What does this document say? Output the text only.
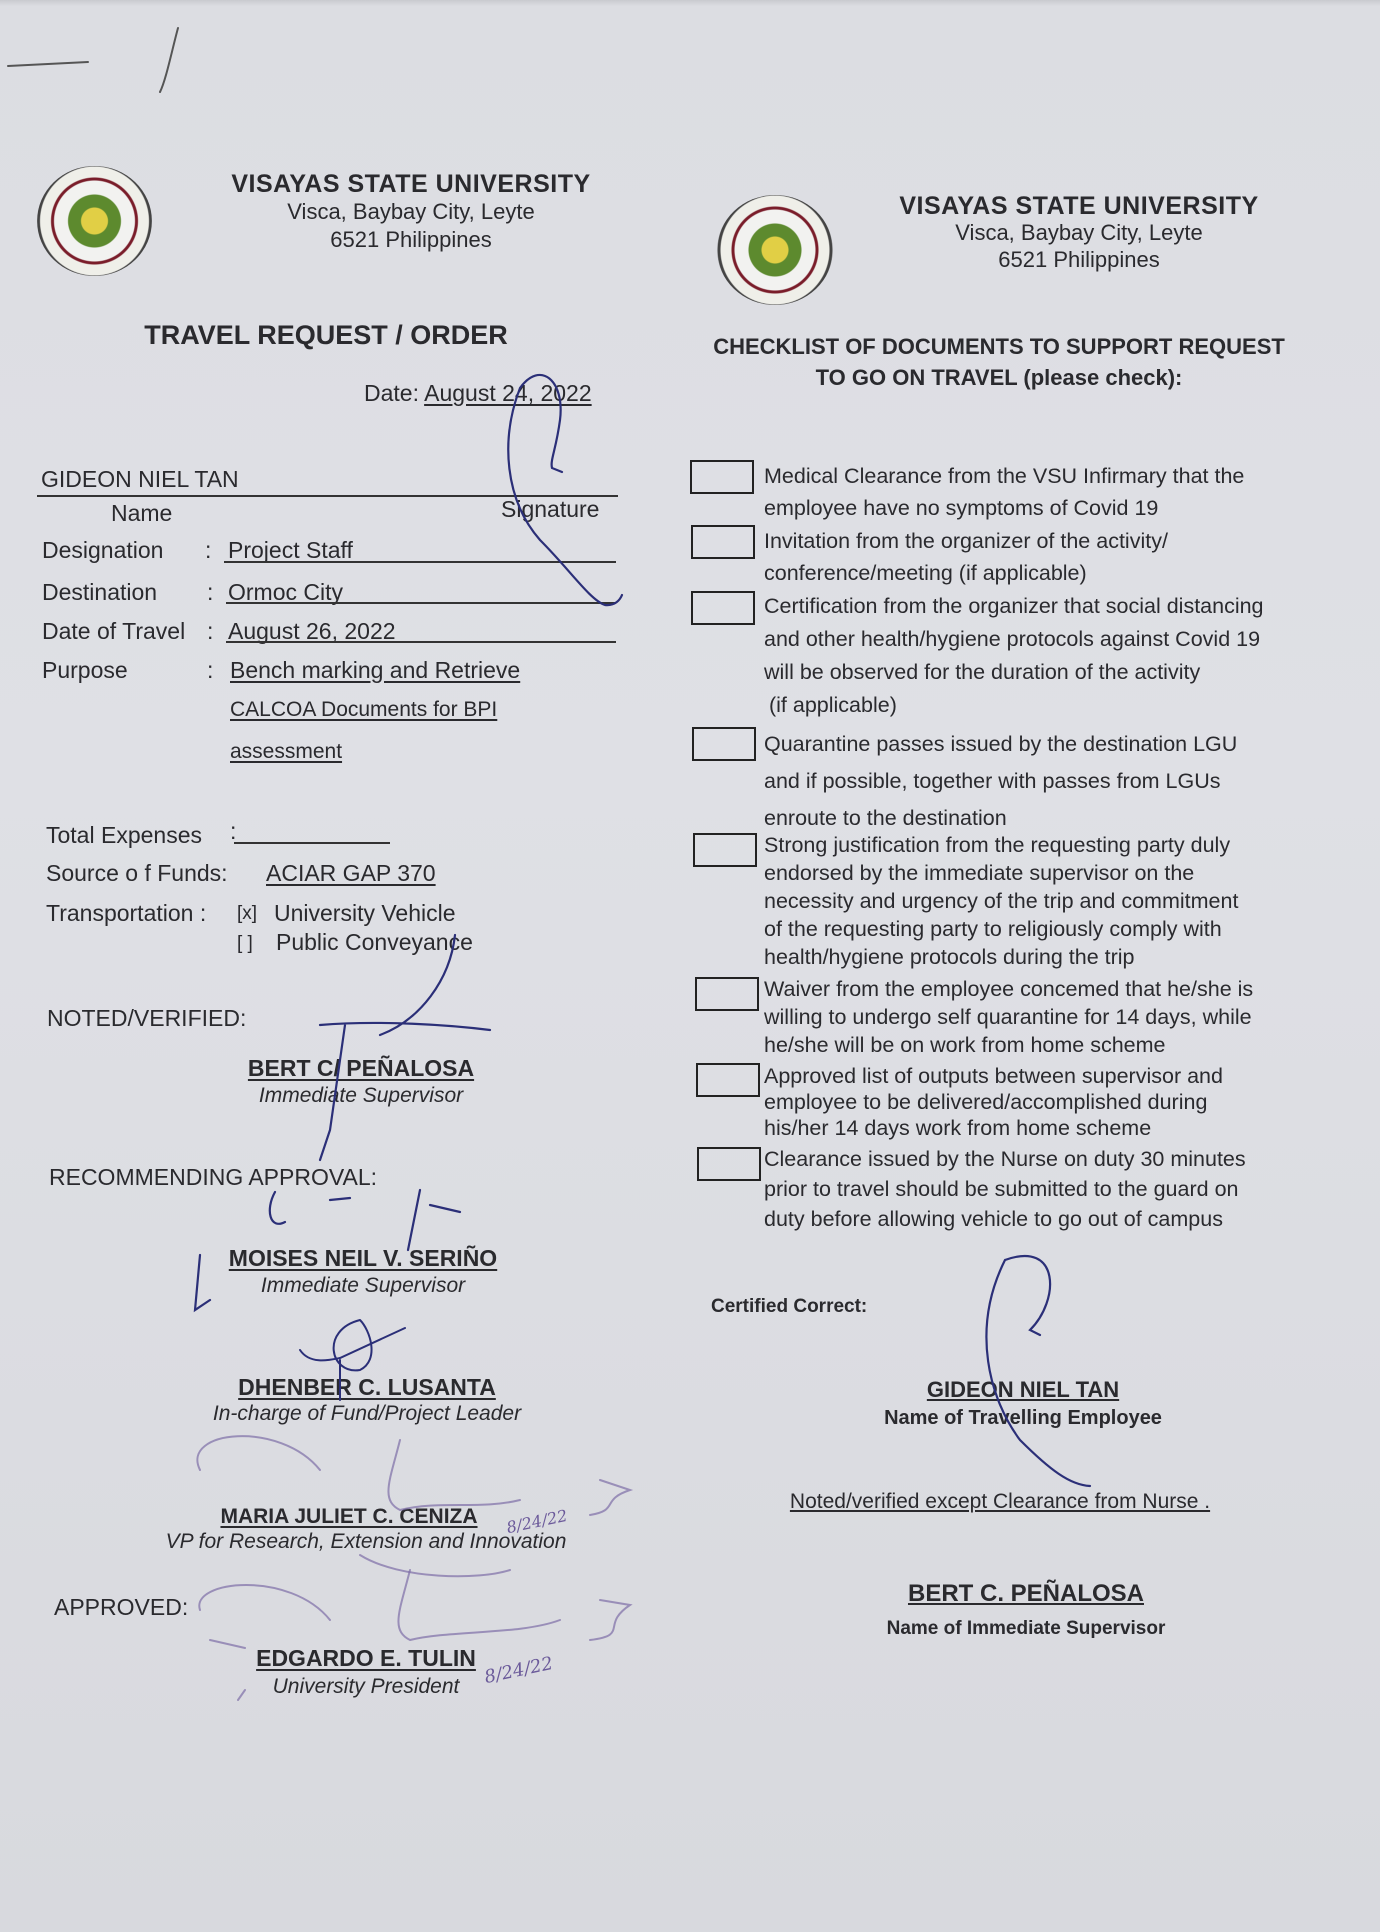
VISAYAS STATE UNIVERSITY
Visca, Baybay City, Leyte
6521 Philippines
VISAYAS STATE UNIVERSITY
Visca, Baybay City, Leyte
6521 Philippines
TRAVEL REQUEST / ORDER
Date: August 24, 2022
GIDEON NIEL TAN
Name	Signature
Designation : Project Staff
Destination : Ormoc City
Date of Travel : August 26, 2022
Purpose	: Bench marking and Retrieve
CALCOA Documents for BPI
assessment
Total Expenses :
Source o f Funds: ACIAR GAP 370
Transportation : [x] University Vehicle
[ ] Public Conveyance
NOTED/VERIFIED:
BERT C/ PEÑALOSA
Immediate Supervisor
RECOMMENDING APPROVAL:
MOISES NEIL V. SERIÑO
Immediate Supervisor
DHENBER C. LUSANTA
In-charge of Fund/Project Leader
MARIA JULIET C. CENIZA
VP for Research, Extension and Innovation
APPROVED:
EDGARDO E. TULIN
University President
8/24/22
8/24/22
CHECKLIST OF DOCUMENTS TO SUPPORT REQUEST
TO GO ON TRAVEL (please check):
Medical Clearance from the VSU Infirmary that the
employee have no symptoms of Covid 19
Invitation from the organizer of the activity/
conference/meeting (if applicable)
Certification from the organizer that social distancing
and other health/hygiene protocols against Covid 19
will be observed for the duration of the activity
(if applicable)
Quarantine passes issued by the destination LGU
and if possible, together with passes from LGUs
enroute to the destination
Strong justification from the requesting party duly
endorsed by the immediate supervisor on the
necessity and urgency of the trip and commitment
of the requesting party to religiously comply with
health/hygiene protocols during the trip
Waiver from the employee concemed that he/she is
willing to undergo self quarantine for 14 days, while
he/she will be on work from home scheme
Approved list of outputs between supervisor and
employee to be delivered/accomplished during
his/her 14 days work from home scheme
Clearance issued by the Nurse on duty 30 minutes
prior to travel should be submitted to the guard on
duty before allowing vehicle to go out of campus
Certified Correct:
GIDEON NIEL TAN
Name of Travelling Employee
Noted/verified except Clearance from Nurse .
BERT C. PEÑALOSA
Name of Immediate Supervisor
